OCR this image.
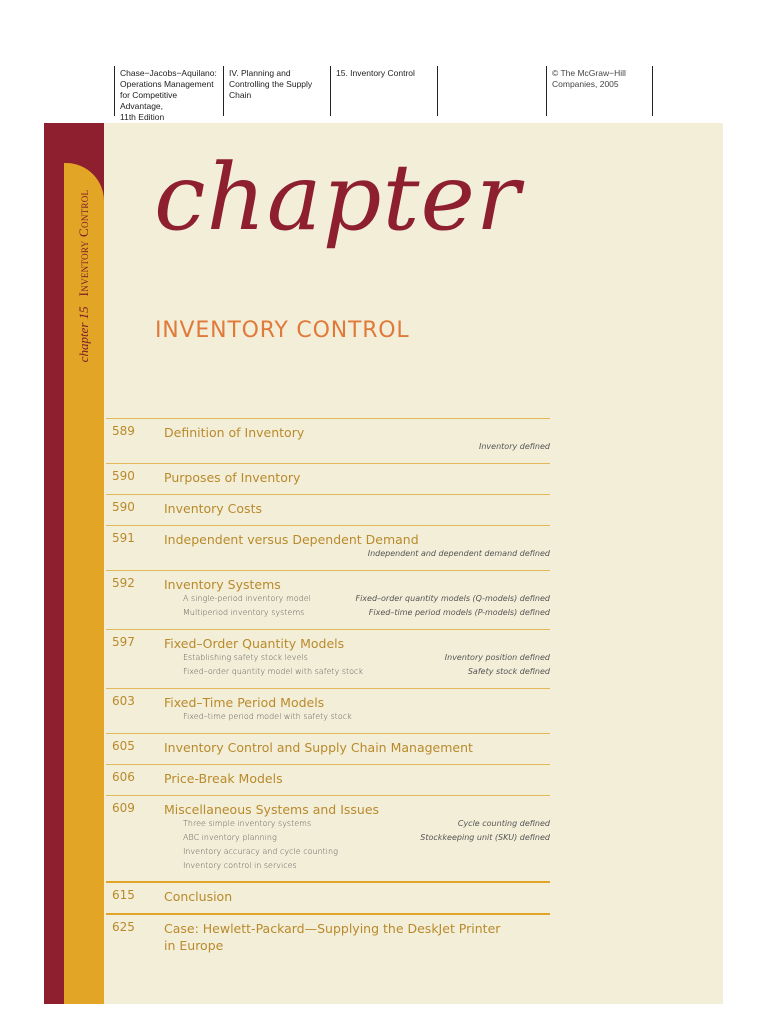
Chase−Jacobs−Aquilano:
Operations Management
for Competitive Advantage,
11th Edition
IV. Planning and
Controlling the Supply
Chain
15. Inventory Control	© The McGraw−Hill
Companies, 2005
chapter 15Inventory Control chapter
INVENTORY CONTROL
589 Definition of Inventory
Inventory defined
590 Purposes of Inventory
590 Inventory Costs
591 Independent versus Dependent Demand
Independent and dependent demand defined
592 Inventory Systems
A single-period inventory model
Multiperiod inventory systems
Fixed–order quantity models (Q-models) defined
Fixed–time period models (P-models) defined
597 Fixed–Order Quantity Models
Establishing safety stock levels
Fixed–order quantity model with safety stock
Inventory position defined
Safety stock defined
603 Fixed–Time Period Models
Fixed–time period model with safety stock
605 Inventory Control and Supply Chain Management
606 Price-Break Models
609 Miscellaneous Systems and Issues
Three simple inventory systems
ABC inventory planning
Inventory accuracy and cycle counting
Inventory control in services
Cycle counting defined
Stockkeeping unit (SKU) defined
615 Conclusion
625 Case: Hewlett-Packard—Supplying the DeskJet Printer
in Europe
